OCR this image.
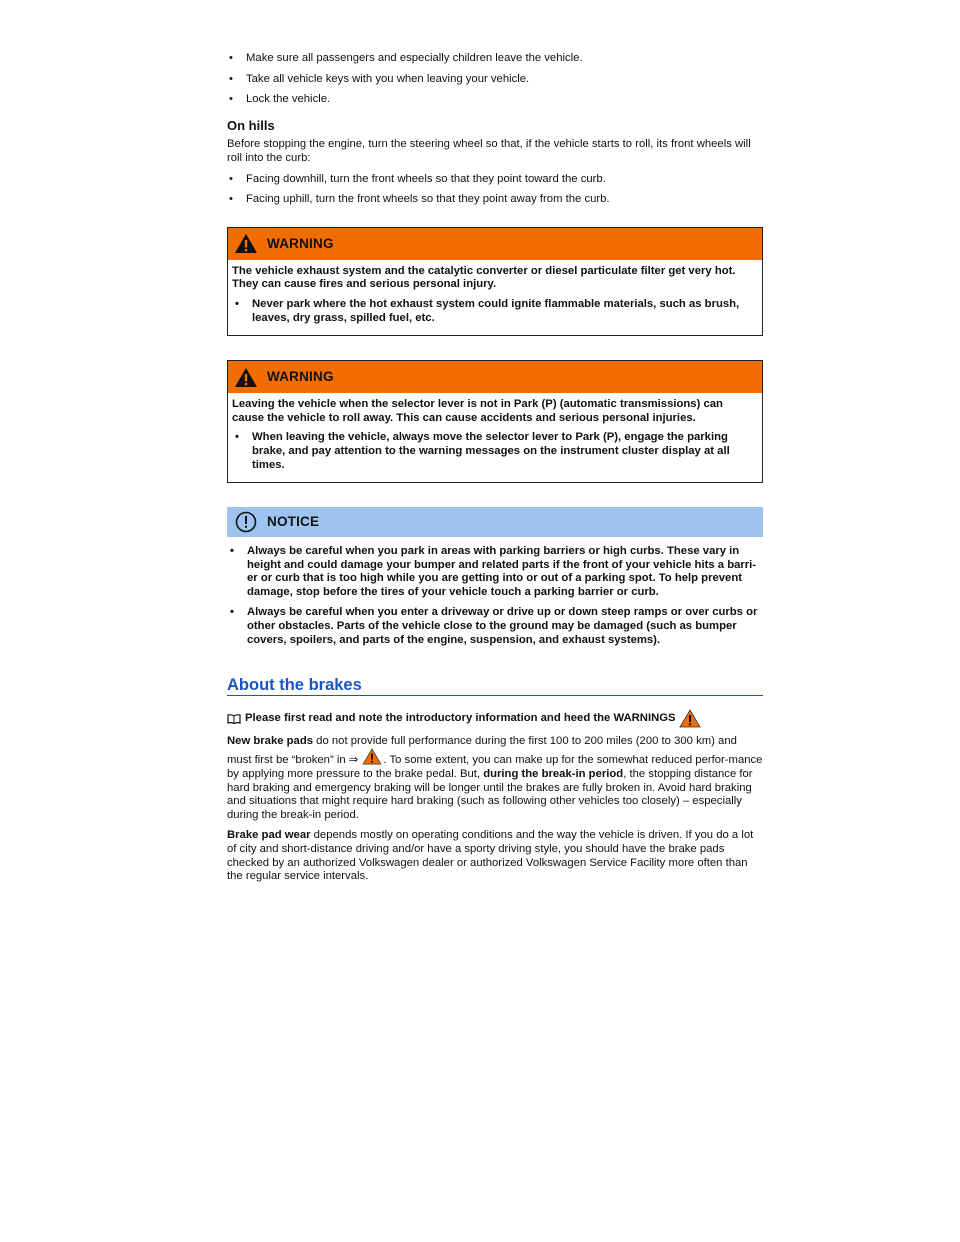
• Make sure all passengers and especially children leave the vehicle.
• Take all vehicle keys with you when leaving your vehicle.
• Lock the vehicle.
On hills

Before stopping the engine, turn the steering wheel so that, if the vehicle starts to roll, its front wheels will roll into the curb:

• Facing downhill, turn the front wheels so that they point toward the curb.
• Facing uphill, turn the front wheels so that they point away from the curb.
WARNING

The vehicle exhaust system and the catalytic converter or diesel particulate filter get very hot. They can cause fires and serious personal injury.

• Never park where the hot exhaust system could ignite flammable materials, such as brush, leaves, dry grass, spilled fuel, etc.

WARNING

Leaving the vehicle when the selector lever is not in Park (P) (automatic transmissions) can cause the vehicle to roll away. This can cause accidents and serious personal injuries.

• When leaving the vehicle, always move the selector lever to Park (P), engage the parking brake, and pay attention to the warning messages on the instrument cluster display at all times.

NOTICE

• Always be careful when you park in areas with parking barriers or high curbs. These vary in height and could damage your bumper and related parts if the front of your vehicle hits a barri-er or curb that is too high while you are getting into or out of a parking spot. To help prevent damage, stop before the tires of your vehicle touch a parking barrier or curb.

• Always be careful when you enter a driveway or drive up or down steep ramps or over curbs or other obstacles. Parts of the vehicle close to the ground may be damaged (such as bumper covers, spoilers, and parts of the engine, suspension, and exhaust systems).

About the brakes

Please first read and note the introductory information and heed the WARNINGS

New brake pads do not provide full performance during the first 100 to 200 miles (200 to 300 km) and must first be “broken” in ⇒ . To some extent, you can make up for the somewhat reduced perfor-mance by applying more pressure to the brake pedal. But, during the break-in period, the stopping distance for hard braking and emergency braking will be longer until the brakes are fully broken in. Avoid hard braking and situations that might require hard braking (such as following other vehicles too closely) – especially during the break-in period.

Brake pad wear depends mostly on operating conditions and the way the vehicle is driven. If you do a lot of city and short-distance driving and/or have a sporty driving style, you should have the brake pads checked by an authorized Volkswagen dealer or authorized Volkswagen Service Facility more often than the regular service intervals.
